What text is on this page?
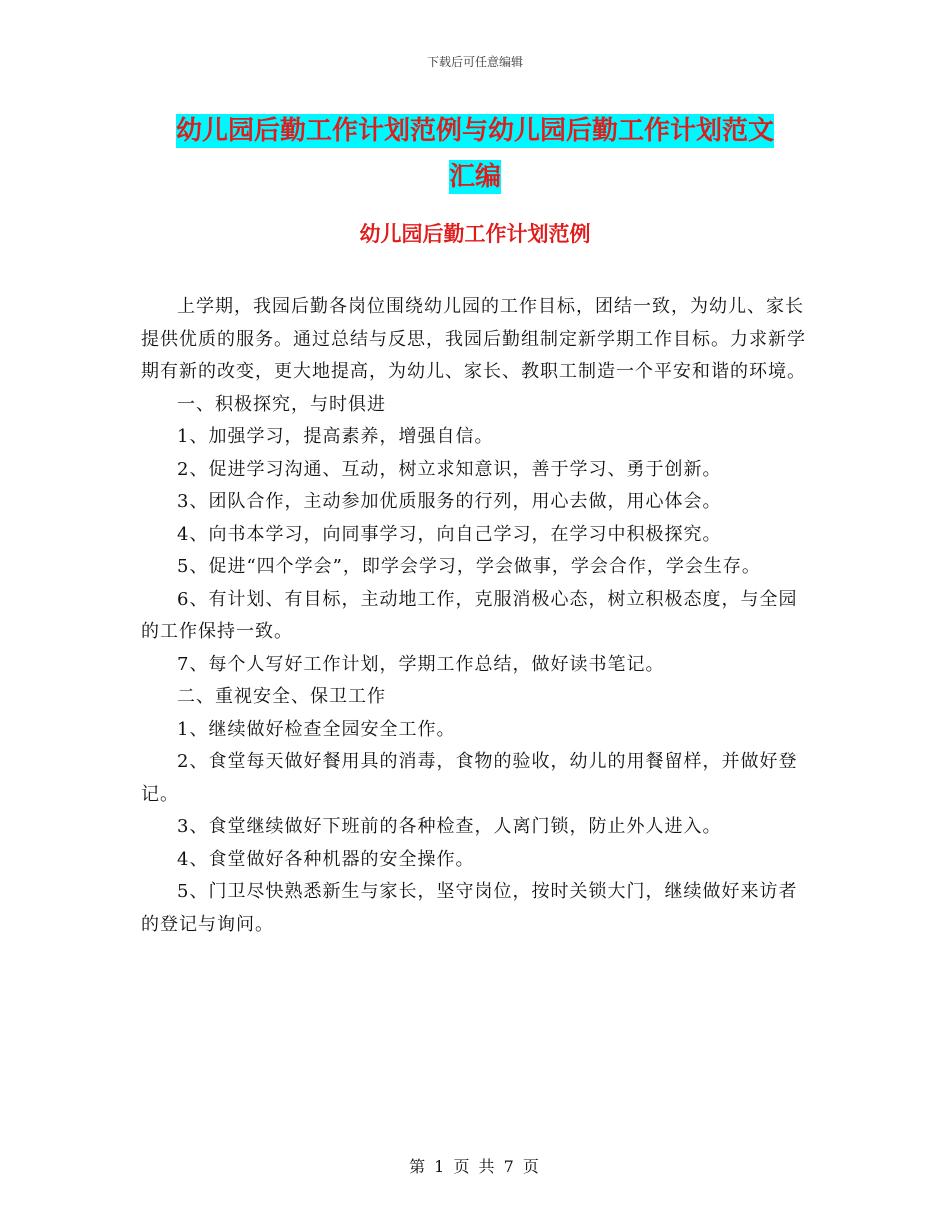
下载后可任意编辑
幼儿园后勤工作计划范例与幼儿园后勤工作计划范文
汇编
幼儿园后勤工作计划范例

上学期，我园后勤各岗位围绕幼儿园的工作目标，团结一致，为幼儿、家长提供优质的服务。通过总结与反思，我园后勤组制定新学期工作目标。力求新学期有新的改变，更大地提高，为幼儿、家长、教职工制造一个平安和谐的环境。

一、积极探究，与时俱进

1、加强学习，提高素养，增强自信。

2、促进学习沟通、互动，树立求知意识，善于学习、勇于创新。

3、团队合作，主动参加优质服务的行列，用心去做，用心体会。

4、向书本学习，向同事学习，向自己学习，在学习中积极探究。

5、促进“四个学会”，即学会学习，学会做事，学会合作，学会生存。

6、有计划、有目标，主动地工作，克服消极心态，树立积极态度，与全园的工作保持一致。

7、每个人写好工作计划，学期工作总结，做好读书笔记。

二、重视安全、保卫工作

1、继续做好检查全园安全工作。

2、食堂每天做好餐用具的消毒，食物的验收，幼儿的用餐留样，并做好登记。

3、食堂继续做好下班前的各种检查，人离门锁，防止外人进入。

4、食堂做好各种机器的安全操作。

5、门卫尽快熟悉新生与家长，坚守岗位，按时关锁大门，继续做好来访者的登记与询问。

第 1 页 共 7 页
